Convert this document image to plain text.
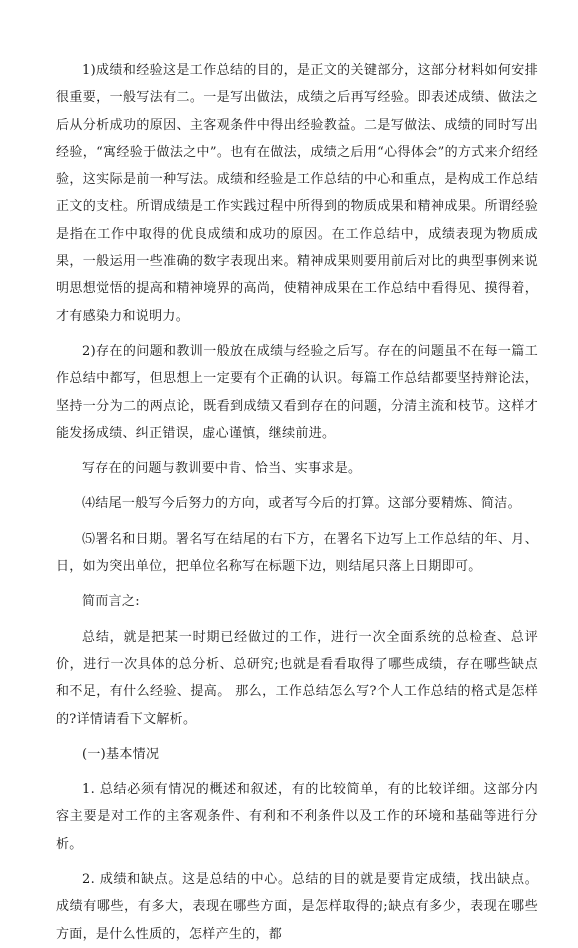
1)成绩和经验这是工作总结的目的，是正文的关键部分，这部分材料如何安排很重要，一般写法有二。一是写出做法，成绩之后再写经验。即表述成绩、做法之后从分析成功的原因、主客观条件中得出经验教益。二是写做法、成绩的同时写出经验，“寓经验于做法之中”。也有在做法，成绩之后用“心得体会”的方式来介绍经验，这实际是前一种写法。成绩和经验是工作总结的中心和重点，是构成工作总结正文的支柱。所谓成绩是工作实践过程中所得到的物质成果和精神成果。所谓经验是指在工作中取得的优良成绩和成功的原因。在工作总结中，成绩表现为物质成果，一般运用一些准确的数字表现出来。精神成果则要用前后对比的典型事例来说明思想觉悟的提高和精神境界的高尚，使精神成果在工作总结中看得见、摸得着，才有感染力和说明力。

2)存在的问题和教训一般放在成绩与经验之后写。存在的问题虽不在每一篇工作总结中都写，但思想上一定要有个正确的认识。每篇工作总结都要坚持辩论法，坚持一分为二的两点论，既看到成绩又看到存在的问题，分清主流和枝节。这样才能发扬成绩、纠正错误，虚心谨慎，继续前进。

写存在的问题与教训要中肯、恰当、实事求是。

⑷结尾一般写今后努力的方向，或者写今后的打算。这部分要精炼、简洁。

⑸署名和日期。署名写在结尾的右下方，在署名下边写上工作总结的年、月、日，如为突出单位，把单位名称写在标题下边，则结尾只落上日期即可。

简而言之:

总结，就是把某一时期已经做过的工作，进行一次全面系统的总检查、总评价，进行一次具体的总分析、总研究;也就是看看取得了哪些成绩，存在哪些缺点和不足，有什么经验、提高。 那么，工作总结怎么写?个人工作总结的格式是怎样的?详情请看下文解析。

(一)基本情况

1. 总结必须有情况的概述和叙述，有的比较简单，有的比较详细。这部分内容主要是对工作的主客观条件、有利和不利条件以及工作的环境和基础等进行分析。

2. 成绩和缺点。这是总结的中心。总结的目的就是要肯定成绩，找出缺点。成绩有哪些，有多大，表现在哪些方面，是怎样取得的;缺点有多少，表现在哪些方面，是什么性质的，怎样产生的，都
